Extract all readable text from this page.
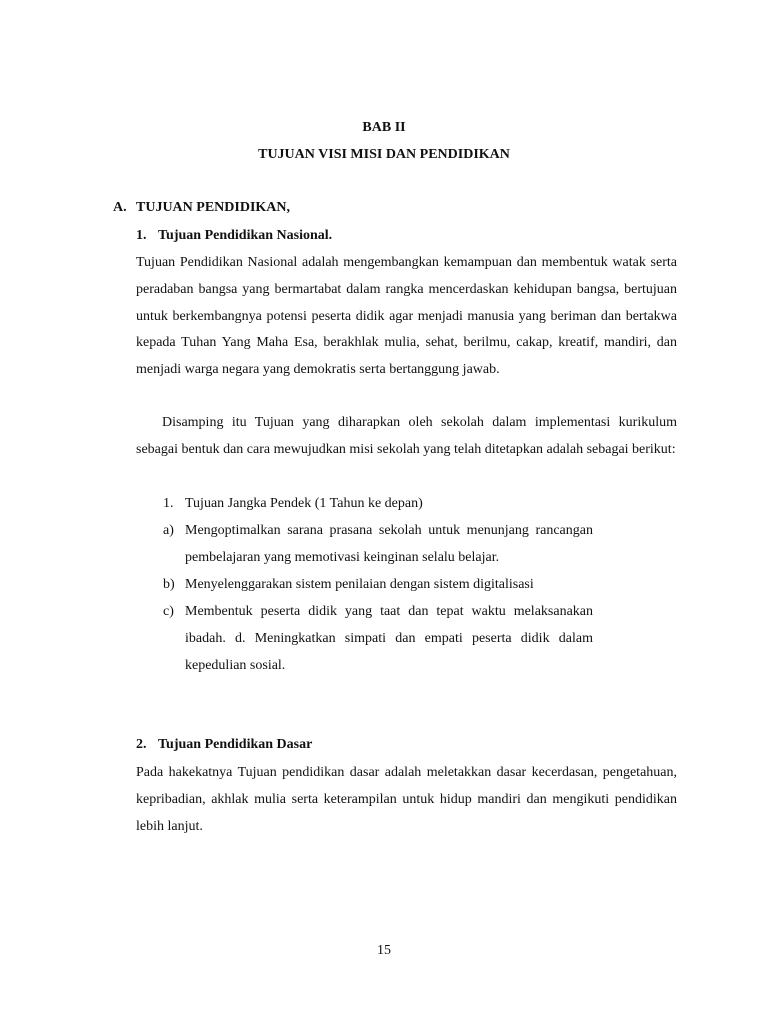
BAB II
TUJUAN VISI MISI DAN PENDIDIKAN
A. TUJUAN PENDIDIKAN,
1. Tujuan Pendidikan Nasional.

Tujuan Pendidikan Nasional adalah mengembangkan kemampuan dan membentuk watak serta peradaban bangsa yang bermartabat dalam rangka mencerdaskan kehidupan bangsa, bertujuan untuk berkembangnya potensi peserta didik agar menjadi manusia yang beriman dan bertakwa kepada Tuhan Yang Maha Esa, berakhlak mulia, sehat, berilmu, cakap, kreatif, mandiri, dan menjadi warga negara yang demokratis serta bertanggung jawab.

Disamping itu Tujuan yang diharapkan oleh sekolah dalam implementasi kurikulum sebagai bentuk dan cara mewujudkan misi sekolah yang telah ditetapkan adalah sebagai berikut:

1. Tujuan Jangka Pendek (1 Tahun ke depan)
a) Mengoptimalkan sarana prasana sekolah untuk menunjang rancangan pembelajaran yang memotivasi keinginan selalu belajar.
b) Menyelenggarakan sistem penilaian dengan sistem digitalisasi
c) Membentuk peserta didik yang taat dan tepat waktu melaksanakan ibadah. d. Meningkatkan simpati dan empati peserta didik dalam kepedulian sosial.
2. Tujuan Pendidikan Dasar

Pada hakekatnya Tujuan pendidikan dasar adalah meletakkan dasar kecerdasan, pengetahuan, kepribadian, akhlak mulia serta keterampilan untuk hidup mandiri dan mengikuti pendidikan lebih lanjut.

15
